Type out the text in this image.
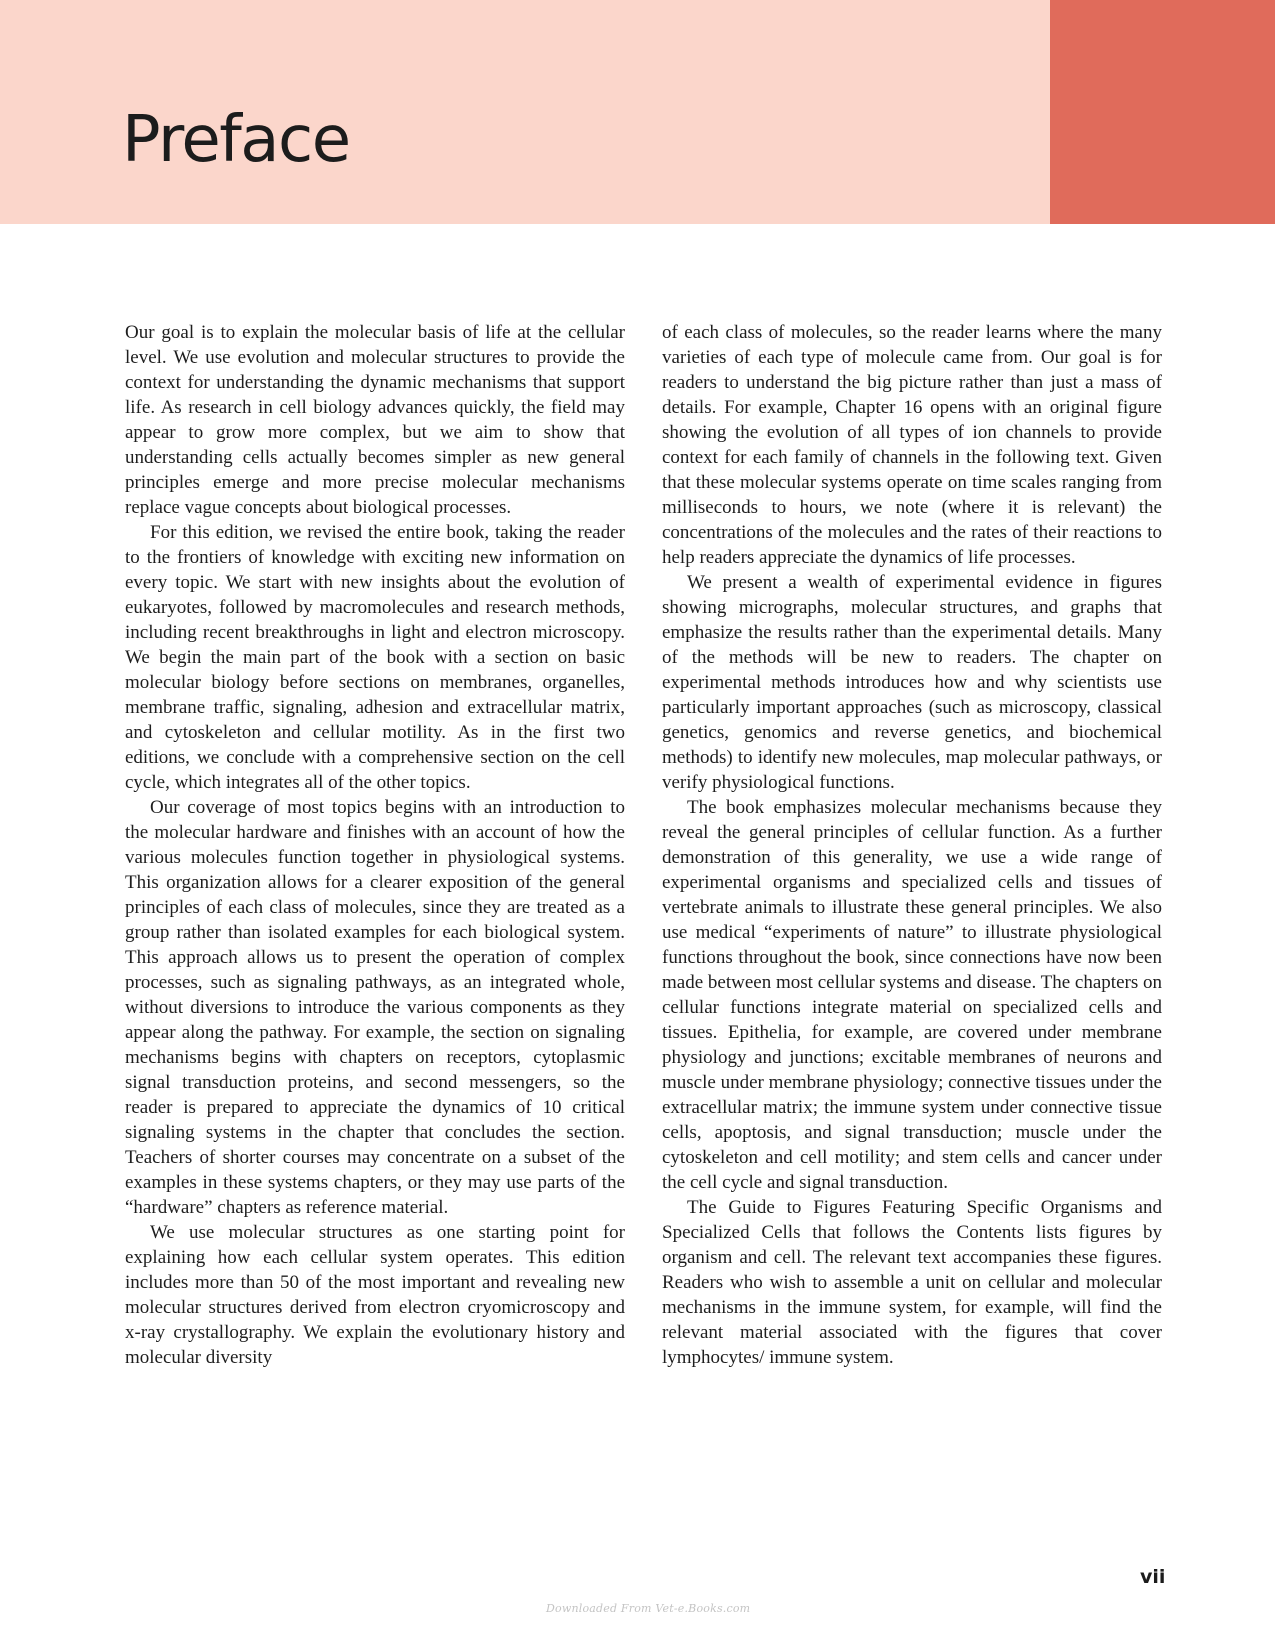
Preface

Our goal is to explain the molecular basis of life at the cellular level. We use evolution and molecular structures to provide the context for understanding the dynamic mechanisms that support life. As research in cell biology advances quickly, the field may appear to grow more complex, but we aim to show that understanding cells actually becomes simpler as new general principles emerge and more precise molecular mechanisms replace vague concepts about biological processes.

For this edition, we revised the entire book, taking the reader to the frontiers of knowledge with exciting new information on every topic. We start with new insights about the evolution of eukaryotes, followed by macromolecules and research methods, including recent breakthroughs in light and electron microscopy. We begin the main part of the book with a section on basic molecular biology before sections on membranes, organelles, membrane traffic, signaling, adhesion and extracellular matrix, and cytoskeleton and cellular motility. As in the first two editions, we conclude with a comprehensive section on the cell cycle, which integrates all of the other topics.

Our coverage of most topics begins with an introduction to the molecular hardware and finishes with an account of how the various molecules function together in physiological systems. This organization allows for a clearer exposition of the general principles of each class of molecules, since they are treated as a group rather than isolated examples for each biological system. This approach allows us to present the operation of complex processes, such as signaling pathways, as an integrated whole, without diversions to introduce the various components as they appear along the pathway. For example, the section on signaling mechanisms begins with chapters on receptors, cytoplasmic signal transduction proteins, and second messengers, so the reader is prepared to appreciate the dynamics of 10 critical signaling systems in the chapter that concludes the section. Teachers of shorter courses may concentrate on a subset of the examples in these systems chapters, or they may use parts of the “hardware” chapters as reference material.

We use molecular structures as one starting point for explaining how each cellular system operates. This edition includes more than 50 of the most important and revealing new molecular structures derived from electron cryomicroscopy and x-ray crystallography. We explain the evolutionary history and molecular diversity

of each class of molecules, so the reader learns where the many varieties of each type of molecule came from. Our goal is for readers to understand the big picture rather than just a mass of details. For example, Chapter 16 opens with an original figure showing the evolution of all types of ion channels to provide context for each family of channels in the following text. Given that these molecular systems operate on time scales ranging from milliseconds to hours, we note (where it is relevant) the concentrations of the molecules and the rates of their reactions to help readers appreciate the dynamics of life processes.

We present a wealth of experimental evidence in figures showing micrographs, molecular structures, and graphs that emphasize the results rather than the experimental details. Many of the methods will be new to readers. The chapter on experimental methods introduces how and why scientists use particularly important approaches (such as microscopy, classical genetics, genomics and reverse genetics, and biochemical methods) to identify new molecules, map molecular pathways, or verify physiological functions.

The book emphasizes molecular mechanisms because they reveal the general principles of cellular function. As a further demonstration of this generality, we use a wide range of experimental organisms and specialized cells and tissues of vertebrate animals to illustrate these general principles. We also use medical “experiments of nature” to illustrate physiological functions throughout the book, since connections have now been made between most cellular systems and disease. The chapters on cellular functions integrate material on specialized cells and tissues. Epithelia, for example, are covered under membrane physiology and junctions; excitable membranes of neurons and muscle under membrane physiology; connective tissues under the extracellular matrix; the immune system under connective tissue cells, apoptosis, and signal transduction; muscle under the cytoskeleton and cell motility; and stem cells and cancer under the cell cycle and signal transduction.

The Guide to Figures Featuring Specific Organisms and Specialized Cells that follows the Contents lists figures by organism and cell. The relevant text accompanies these figures. Readers who wish to assemble a unit on cellular and molecular mechanisms in the immune system, for example, will find the relevant material associated with the figures that cover lymphocytes/ immune system.

vii
Downloaded From Vet-e.Books.com
